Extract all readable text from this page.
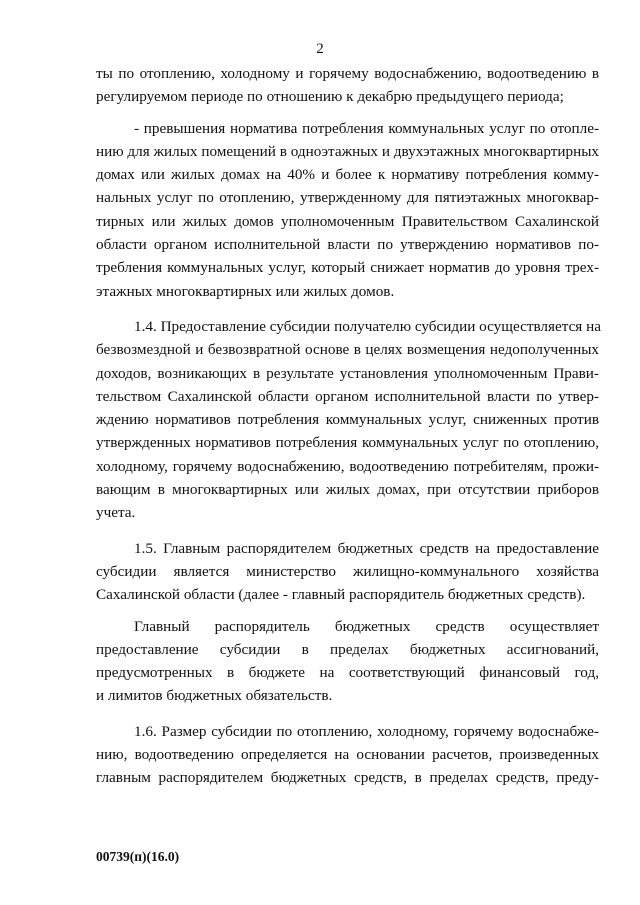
2
ты по отоплению, холодному и горячему водоснабжению, водоотведению в
регулируемом периоде по отношению к декабрю предыдущего периода;
- превышения норматива потребления коммунальных услуг по отопле-
нию для жилых помещений в одноэтажных и двухэтажных многоквартирных
домах или жилых домах на 40% и более к нормативу потребления комму-
нальных услуг по отоплению, утвержденному для пятиэтажных многоквар-
тирных или жилых домов уполномоченным Правительством Сахалинской
области органом исполнительной власти по утверждению нормативов по-
требления коммунальных услуг, который снижает норматив до уровня трех-
этажных многоквартирных или жилых домов.
1.4. Предоставление субсидии получателю субсидии осуществляется на
безвозмездной и безвозвратной основе в целях возмещения недополученных
доходов, возникающих в результате установления уполномоченным Прави-
тельством Сахалинской области органом исполнительной власти по утвер-
ждению нормативов потребления коммунальных услуг, сниженных против
утвержденных нормативов потребления коммунальных услуг по отоплению,
холодному, горячему водоснабжению, водоотведению потребителям, прожи-
вающим в многоквартирных или жилых домах, при отсутствии приборов
учета.
1.5. Главным распорядителем бюджетных средств на предоставление
субсидии является министерство жилищно-коммунального хозяйства
Сахалинской области (далее - главный распорядитель бюджетных средств).
Главный распорядитель бюджетных средств осуществляет
предоставление субсидии в пределах бюджетных ассигнований,
предусмотренных в бюджете на соответствующий финансовый год,
и лимитов бюджетных обязательств.
1.6. Размер субсидии по отоплению, холодному, горячему водоснабже-
нию, водоотведению определяется на основании расчетов, произведенных
главным распорядителем бюджетных средств, в пределах средств, преду-
00739(п)(16.0)
